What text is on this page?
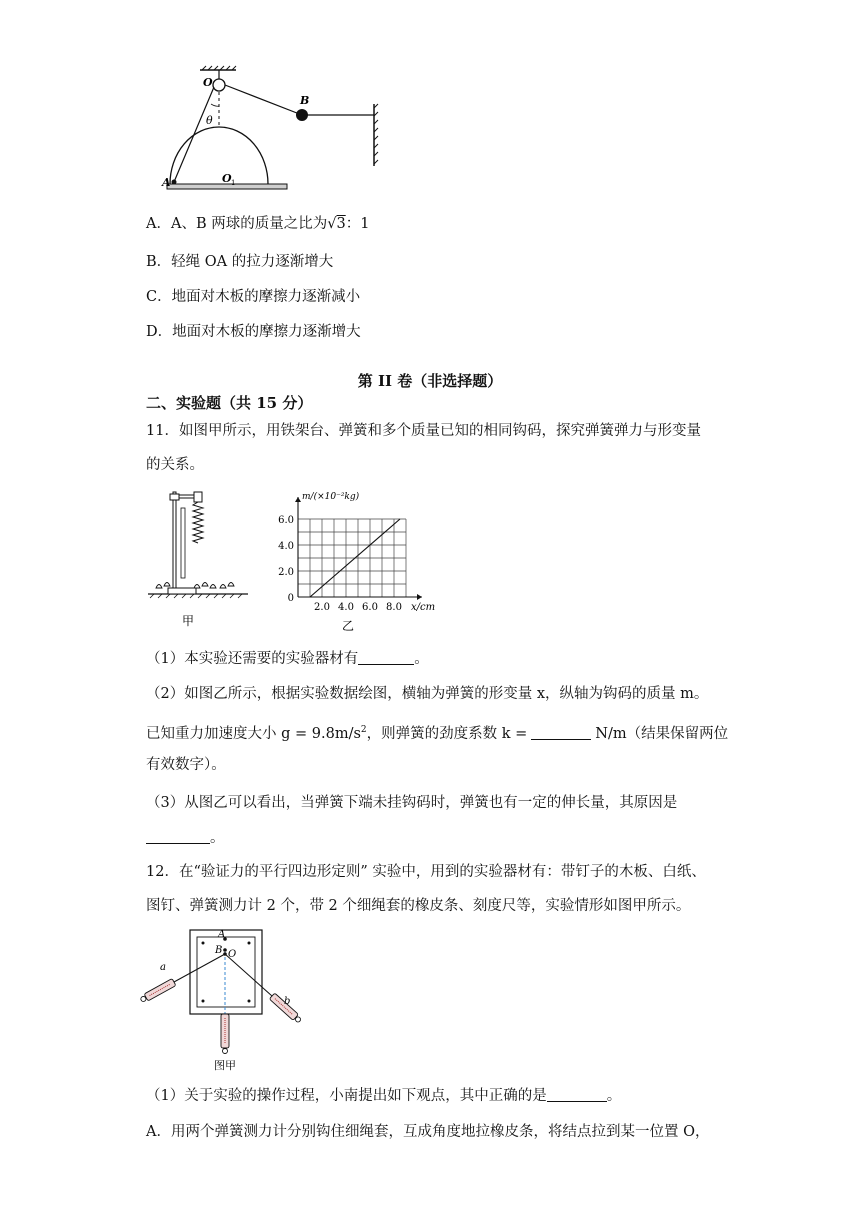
O
B
θ
A	O 1
A．A、B 两球的质量之比为√3：1
B．轻绳 OA 的拉力逐渐增大
C．地面对木板的摩擦力逐渐减小
D．地面对木板的摩擦力逐渐增大
第 II 卷（非选择题）
二、实验题（共 15 分）
11．如图甲所示，用铁架台、弹簧和多个质量已知的相同钩码，探究弹簧弹力与形变量
的关系。
甲
0
2.0
4.0
6.0
2.0 4.0 6.0 8.0 x/cm
m/(×10⁻²kg)
乙
（1）本实验还需要的实验器材有	。
（2）如图乙所示，根据实验数据绘图，横轴为弹簧的形变量 x，纵轴为钩码的质量 m。
已知重力加速度大小 $g = 9.8m/s^2$，则弹簧的劲度系数 k =	N/m（结果保留两位
有效数字）。
（3）从图乙可以看出，当弹簧下端未挂钩码时，弹簧也有一定的伸长量，其原因是
。
12．在“验证力的平行四边形定则” 实验中，用到的实验器材有：带钉子的木板、白纸、
图钉、弹簧测力计 2 个，带 2 个细绳套的橡皮条、刻度尺等，实验情形如图甲所示。
A
B O
a
b
图甲
（1）关于实验的操作过程，小南提出如下观点，其中正确的是	。
A．用两个弹簧测力计分别钩住细绳套，互成角度地拉橡皮条，将结点拉到某一位置 O，
